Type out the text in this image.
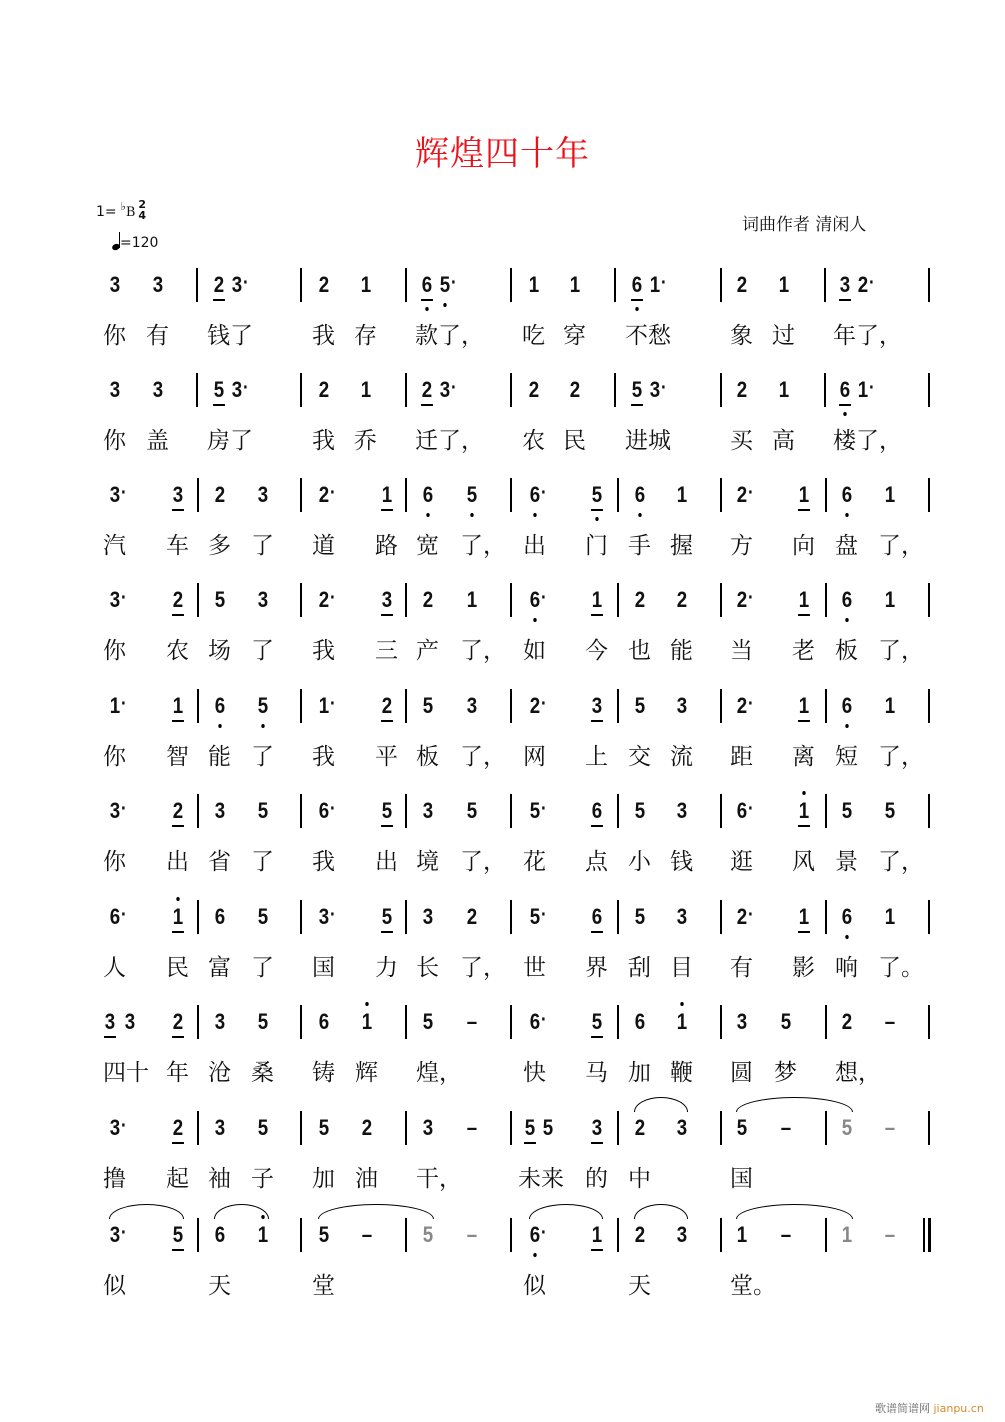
辉煌四十年
1= ♭B
2
4
=120
词曲作者 清闲人
3 3 2 3 ·	2 1 6 5 ·	1 1 6 1 ·	2 1 3 2 ·
你 有 钱了	我 存 款了， 吃 穿 不愁	象 过 年了，
3 3 5 3 ·	2 1 2 3 ·	2 2 5 3 ·	2 1 6 1 ·
你 盖 房了	我 乔 迁了， 农 民 进城	买 高 楼了，
3 · 3 2 3 2 · 1 6 5 6 · 5 6 1 2 · 1 6 1
汽 车 多 了 道 路 宽 了， 出 门 手 握 方 向 盘 了，
3 · 2 5 3 2 · 3 2 1 6 · 1 2 2 2 · 1 6 1
你 农 场 了 我 三 产 了， 如 今 也 能 当 老 板 了，
1 · 1 6 5 1 · 2 5 3 2 · 3 5 3 2 · 1 6 1
你 智 能 了 我 平 板 了， 网 上 交 流 距 离 短 了，
3 · 2 3 5 6 · 5 3 5 5 · 6 5 3 6 · 1 5 5
你 出 省 了 我 出 境 了， 花 点 小 钱 逛 风 景 了，
6 · 1 6 5 3 · 5 3 2 5 · 6 5 3 2 · 1 6 1
人 民 富 了 国 力 长 了， 世 界 刮 目 有 影 响 了。
3 3 2 3 5 6 1 5 – 6 · 5 6 1 3 5 2 –
四十 年 沧 桑 铸 辉 煌，	快 马 加 鞭 圆 梦 想，
3 · 2 3 5 5 2 3 – 5 5 3 2 3 5 – 5 –
撸 起 袖 子 加 油 干， 未来 的 中	国
3 · 5 6 1 5 – 5 – 6 · 1 2 3 1 – 1 –
似	天	堂	似	天	堂。
歌谱简谱网 jianpu.cn
